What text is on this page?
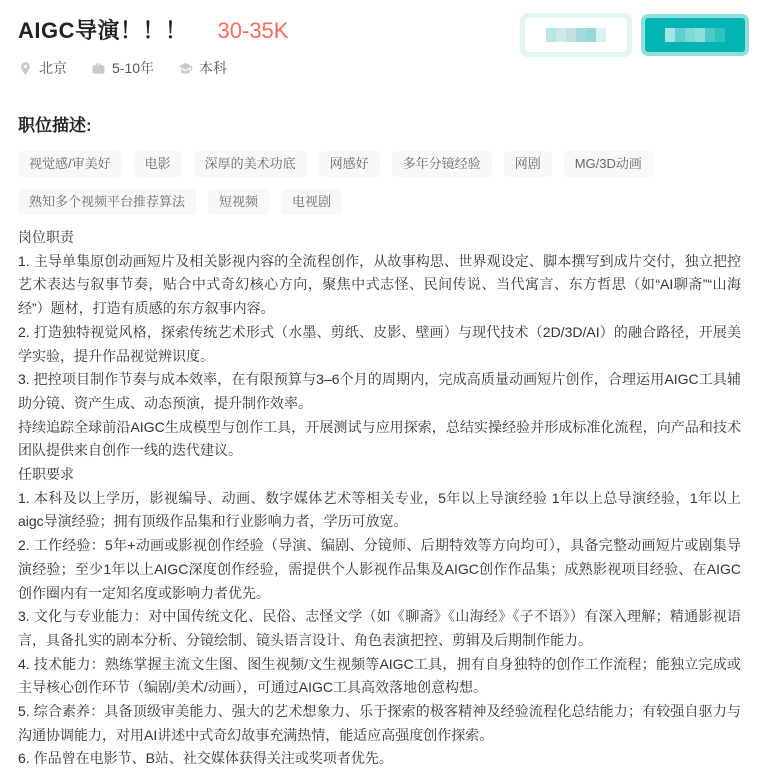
AIGC导演！！！ 30-35K
北京	5-10年	本科
职位描述:
视觉感/审美好	电影	深厚的美术功底	网感好	多年分镜经验	网剧	MG/3D动画
熟知多个视频平台推荐算法	短视频	电视剧

岗位职责

1. 主导单集原创动画短片及相关影视内容的全流程创作，从故事构思、世界观设定、脚本撰写到成片交付，独立把控艺术表达与叙事节奏，贴合中式奇幻核心方向，聚焦中式志怪、民间传说、当代寓言、东方哲思（如“AI聊斋”“山海经”）题材，打造有质感的东方叙事内容。

2. 打造独特视觉风格，探索传统艺术形式（水墨、剪纸、皮影、壁画）与现代技术（2D/3D/AI）的融合路径，开展美学实验，提升作品视觉辨识度。

3. 把控项目制作节奏与成本效率，在有限预算与3–6个月的周期内，完成高质量动画短片创作，合理运用AIGC工具辅助分镜、资产生成、动态预演，提升制作效率。

持续追踪全球前沿AIGC生成模型与创作工具，开展测试与应用探索，总结实操经验并形成标准化流程，向产品和技术团队提供来自创作一线的迭代建议。

任职要求

1. 本科及以上学历，影视编导、动画、数字媒体艺术等相关专业，5年以上导演经验 1年以上总导演经验，1年以上aigc导演经验；拥有顶级作品集和行业影响力者，学历可放宽。

2. 工作经验：5年+动画或影视创作经验（导演、编剧、分镜师、后期特效等方向均可），具备完整动画短片或剧集导演经验；至少1年以上AIGC深度创作经验，需提供个人影视作品集及AIGC创作作品集；成熟影视项目经验、在AIGC创作圈内有一定知名度或影响力者优先。

3. 文化与专业能力：对中国传统文化、民俗、志怪文学（如《聊斋》《山海经》《子不语》）有深入理解；精通影视语言，具备扎实的剧本分析、分镜绘制、镜头语言设计、角色表演把控、剪辑及后期制作能力。

4. 技术能力：熟练掌握主流文生图、图生视频/文生视频等AIGC工具，拥有自身独特的创作工作流程；能独立完成或主导核心创作环节（编剧/美术/动画），可通过AIGC工具高效落地创意构想。

5. 综合素养：具备顶级审美能力、强大的艺术想象力、乐于探索的极客精神及经验流程化总结能力；有较强自驱力与沟通协调能力，对用AI讲述中式奇幻故事充满热情，能适应高强度创作探索。

6. 作品曾在电影节、B站、社交媒体获得关注或奖项者优先。
